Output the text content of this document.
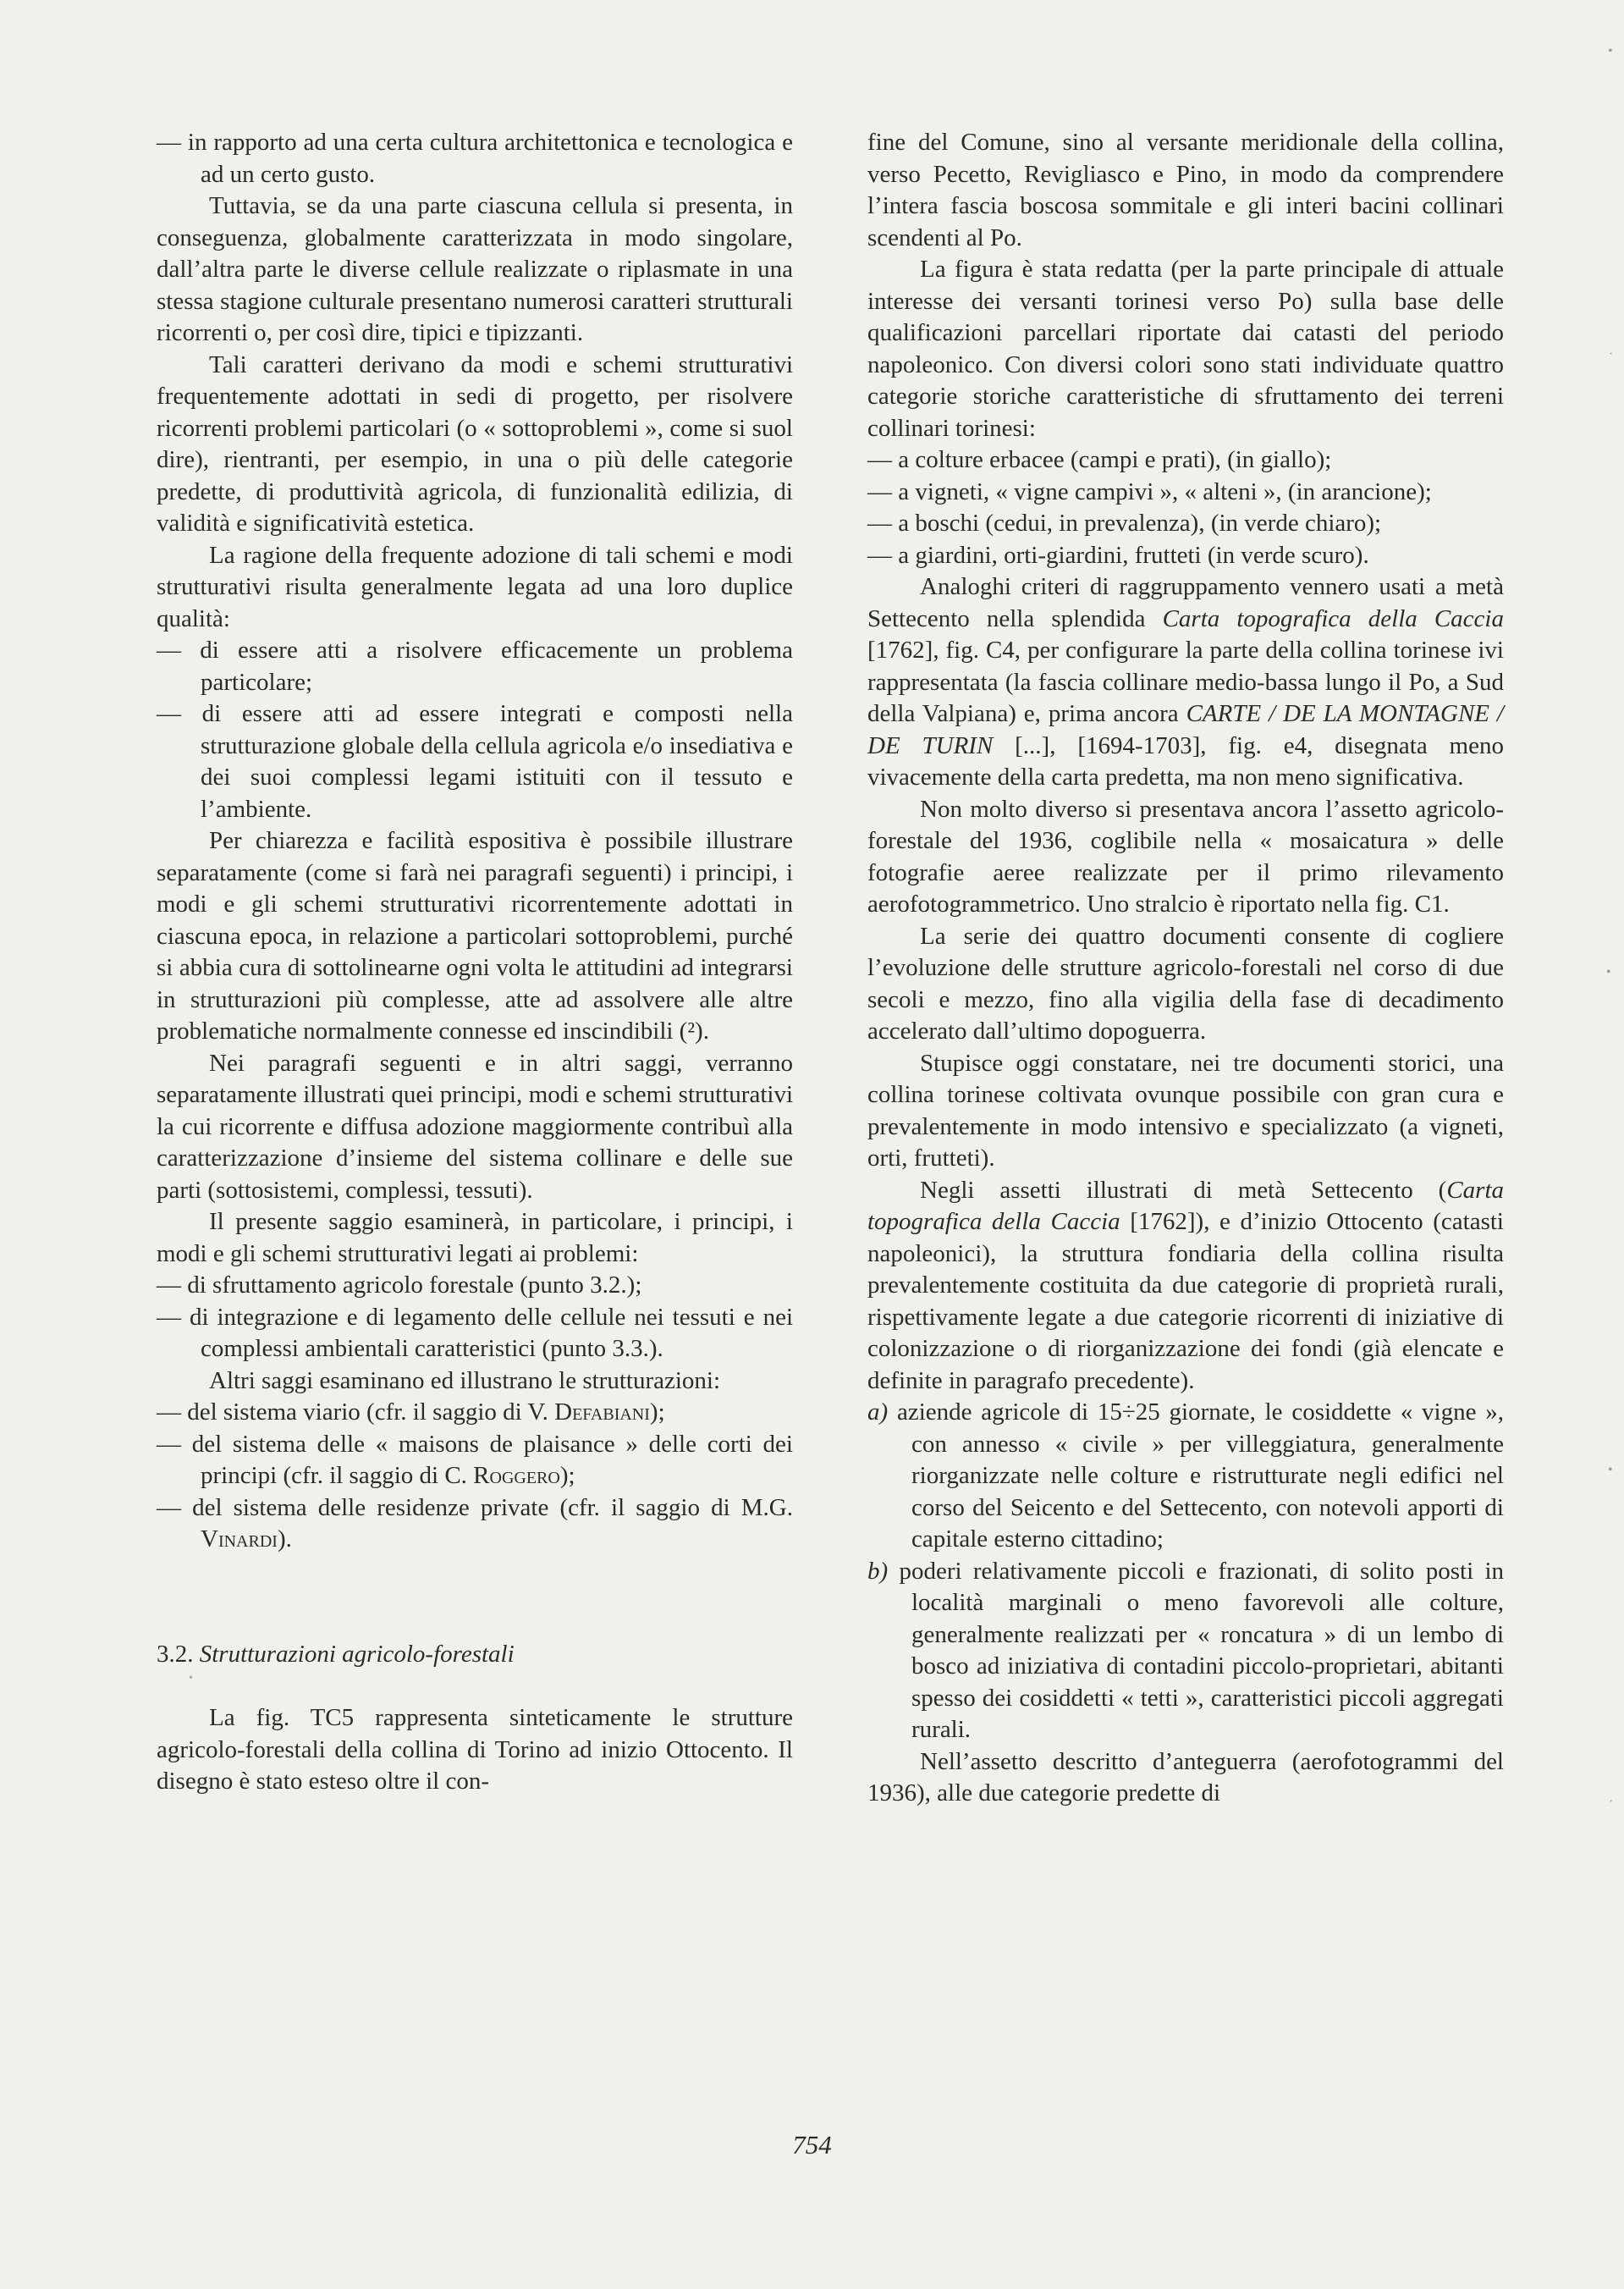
— in rapporto ad una certa cultura architettonica e tecnologica e ad un certo gusto.

Tuttavia, se da una parte ciascuna cellula si presenta, in conseguenza, globalmente caratterizzata in modo singolare, dall’altra parte le diverse cellule realizzate o riplasmate in una stessa stagione culturale presentano numerosi caratteri strutturali ricorrenti o, per così dire, tipici e tipizzanti.

Tali caratteri derivano da modi e schemi strutturativi frequentemente adottati in sedi di progetto, per risolvere ricorrenti problemi particolari (o « sottoproblemi », come si suol dire), rientranti, per esempio, in una o più delle categorie predette, di produttività agricola, di funzionalità edilizia, di validità e significatività estetica.

La ragione della frequente adozione di tali schemi e modi strutturativi risulta generalmente legata ad una loro duplice qualità:

— di essere atti a risolvere efficacemente un problema particolare;

— di essere atti ad essere integrati e composti nella strutturazione globale della cellula agricola e/o insediativa e dei suoi complessi legami istituiti con il tessuto e l’ambiente.

Per chiarezza e facilità espositiva è possibile illustrare separatamente (come si farà nei paragrafi seguenti) i principi, i modi e gli schemi strutturativi ricorrentemente adottati in ciascuna epoca, in relazione a particolari sottoproblemi, purché si abbia cura di sottolinearne ogni volta le attitudini ad integrarsi in strutturazioni più complesse, atte ad assolvere alle altre problematiche normalmente connesse ed inscindibili (²).

Nei paragrafi seguenti e in altri saggi, verranno separatamente illustrati quei principi, modi e schemi strutturativi la cui ricorrente e diffusa adozione maggiormente contribuì alla caratterizzazione d’insieme del sistema collinare e delle sue parti (sottosistemi, complessi, tessuti).

Il presente saggio esaminerà, in particolare, i principi, i modi e gli schemi strutturativi legati ai problemi:

— di sfruttamento agricolo forestale (punto 3.2.);

— di integrazione e di legamento delle cellule nei tessuti e nei complessi ambientali caratteristici (punto 3.3.).

Altri saggi esaminano ed illustrano le strutturazioni:

— del sistema viario (cfr. il saggio di V. Defabiani);

— del sistema delle « maisons de plaisance » delle corti dei principi (cfr. il saggio di C. Roggero);

— del sistema delle residenze private (cfr. il saggio di M.G. Vinardi).

3.2. Strutturazioni agricolo-forestali

•

La fig. TC5 rappresenta sinteticamente le strutture agricolo-forestali della collina di Torino ad inizio Ottocento. Il disegno è stato esteso oltre il con-

fine del Comune, sino al versante meridionale della collina, verso Pecetto, Revigliasco e Pino, in modo da comprendere l’intera fascia boscosa sommitale e gli interi bacini collinari scendenti al Po.

La figura è stata redatta (per la parte principale di attuale interesse dei versanti torinesi verso Po) sulla base delle qualificazioni parcellari riportate dai catasti del periodo napoleonico. Con diversi colori sono stati individuate quattro categorie storiche caratteristiche di sfruttamento dei terreni collinari torinesi:

— a colture erbacee (campi e prati), (in giallo);

— a vigneti, « vigne campivi », « alteni », (in arancione);

— a boschi (cedui, in prevalenza), (in verde chiaro);

— a giardini, orti-giardini, frutteti (in verde scuro).

Analoghi criteri di raggruppamento vennero usati a metà Settecento nella splendida Carta topografica della Caccia [1762], fig. C4, per configurare la parte della collina torinese ivi rappresentata (la fascia collinare medio-bassa lungo il Po, a Sud della Valpiana) e, prima ancora CARTE / DE LA MONTAGNE / DE TURIN [...], [1694-1703], fig. e4, disegnata meno vivacemente della carta predetta, ma non meno significativa.

Non molto diverso si presentava ancora l’assetto agricolo-forestale del 1936, coglibile nella « mosaicatura » delle fotografie aeree realizzate per il primo rilevamento aerofotogrammetrico. Uno stralcio è riportato nella fig. C1.

La serie dei quattro documenti consente di cogliere l’evoluzione delle strutture agricolo-forestali nel corso di due secoli e mezzo, fino alla vigilia della fase di decadimento accelerato dall’ultimo dopoguerra.

Stupisce oggi constatare, nei tre documenti storici, una collina torinese coltivata ovunque possibile con gran cura e prevalentemente in modo intensivo e specializzato (a vigneti, orti, frutteti).

Negli assetti illustrati di metà Settecento (Carta topografica della Caccia [1762]), e d’inizio Ottocento (catasti napoleonici), la struttura fondiaria della collina risulta prevalentemente costituita da due categorie di proprietà rurali, rispettivamente legate a due categorie ricorrenti di iniziative di colonizzazione o di riorganizzazione dei fondi (già elencate e definite in paragrafo precedente).

a) aziende agricole di 15÷25 giornate, le cosiddette « vigne », con annesso « civile » per villeggiatura, generalmente riorganizzate nelle colture e ristrutturate negli edifici nel corso del Seicento e del Settecento, con notevoli apporti di capitale esterno cittadino;

b) poderi relativamente piccoli e frazionati, di solito posti in località marginali o meno favorevoli alle colture, generalmente realizzati per « roncatura » di un lembo di bosco ad iniziativa di contadini piccolo-proprietari, abitanti spesso dei cosiddetti « tetti », caratteristici piccoli aggregati rurali.

Nell’assetto descritto d’anteguerra (aerofotogrammi del 1936), alle due categorie predette di

754
•
·
•
•
·
